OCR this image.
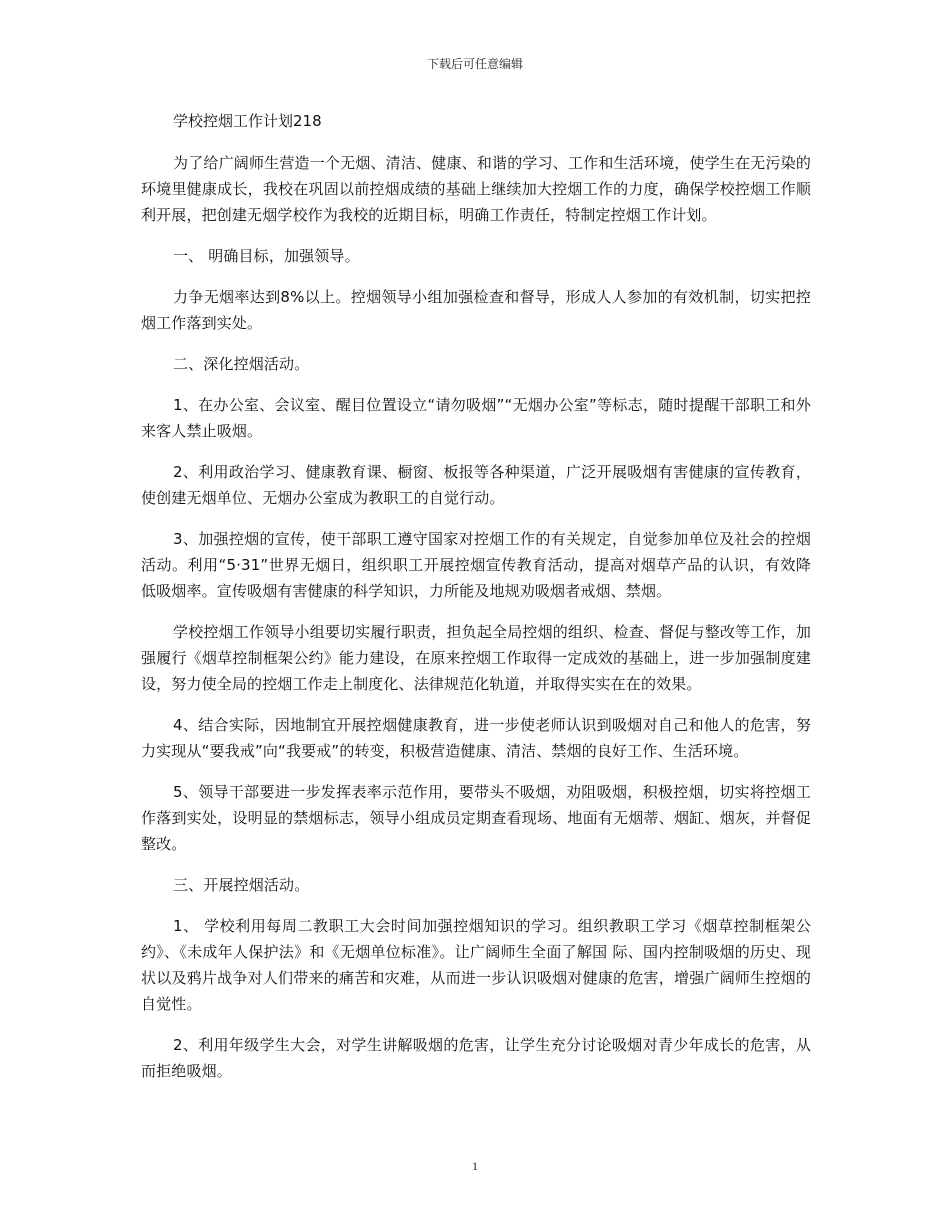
下载后可任意编辑

学校控烟工作计划218

为了给广阔师生营造一个无烟、清洁、健康、和谐的学习、工作和生活环境，使学生在无污染的环境里健康成长，我校在巩固以前控烟成绩的基础上继续加大控烟工作的力度，确保学校控烟工作顺利开展，把创建无烟学校作为我校的近期目标，明确工作责任，特制定控烟工作计划。

一、 明确目标，加强领导。

力争无烟率达到8%以上。控烟领导小组加强检查和督导，形成人人参加的有效机制，切实把控烟工作落到实处。

二、深化控烟活动。

1、在办公室、会议室、醒目位置设立“请勿吸烟”“无烟办公室”等标志，随时提醒干部职工和外来客人禁止吸烟。

2、利用政治学习、健康教育课、橱窗、板报等各种渠道，广泛开展吸烟有害健康的宣传教育，使创建无烟单位、无烟办公室成为教职工的自觉行动。

3、加强控烟的宣传，使干部职工遵守国家对控烟工作的有关规定，自觉参加单位及社会的控烟活动。利用“5·31”世界无烟日，组织职工开展控烟宣传教育活动，提高对烟草产品的认识，有效降低吸烟率。宣传吸烟有害健康的科学知识，力所能及地规劝吸烟者戒烟、禁烟。

学校控烟工作领导小组要切实履行职责，担负起全局控烟的组织、检查、督促与整改等工作，加强履行《烟草控制框架公约》能力建设，在原来控烟工作取得一定成效的基础上，进一步加强制度建设，努力使全局的控烟工作走上制度化、法律规范化轨道，并取得实实在在的效果。

4、结合实际，因地制宜开展控烟健康教育，进一步使老师认识到吸烟对自己和他人的危害，努力实现从“要我戒”向“我要戒”的转变，积极营造健康、清洁、禁烟的良好工作、生活环境。

5、领导干部要进一步发挥表率示范作用，要带头不吸烟，劝阻吸烟，积极控烟，切实将控烟工作落到实处，设明显的禁烟标志，领导小组成员定期查看现场、地面有无烟蒂、烟缸、烟灰，并督促整改。

三、开展控烟活动。

1、 学校利用每周二教职工大会时间加强控烟知识的学习。组织教职工学习《烟草控制框架公约》、《未成年人保护法》和《无烟单位标准》。让广阔师生全面了解国 际、国内控制吸烟的历史、现状以及鸦片战争对人们带来的痛苦和灾难，从而进一步认识吸烟对健康的危害，增强广阔师生控烟的自觉性。

2、利用年级学生大会，对学生讲解吸烟的危害，让学生充分讨论吸烟对青少年成长的危害，从而拒绝吸烟。

1
